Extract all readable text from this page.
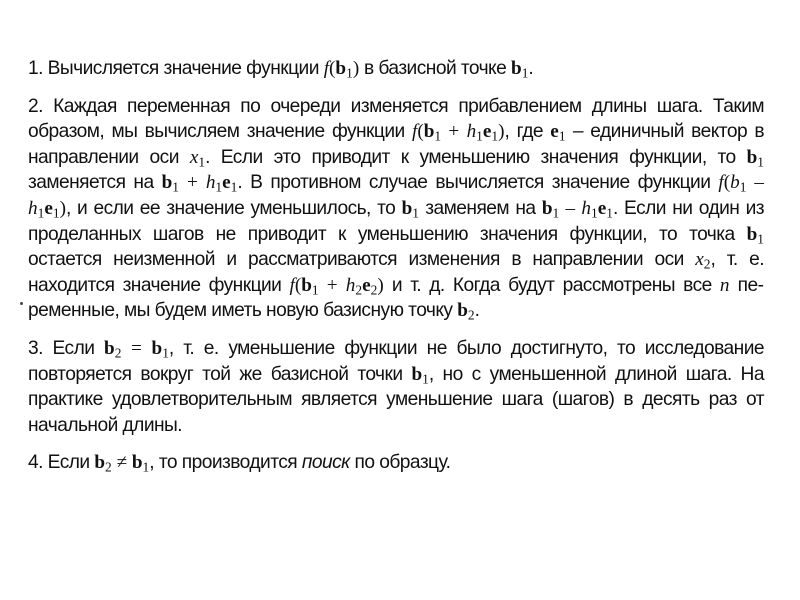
1. Вычисляется значение функции $f(b_1)$ в базисной точке $b_1$.

2. Каждая переменная по очереди изменяется прибавлением длины шага. Таким образом, мы вычисляем значение функции $f(b_1 + h_1e_1)$, где $e_1$ – единичный вектор в направлении оси $x_1$. Если это приводит к уменьшению значения функции, то $b_1$ заменяется на $b_1 + h_1e_1$. В противном случае вычисляется значение функции $f(b_1 - h_1e_1)$, и если ее значение уменьшилось, то $b_1$ заменяем на $b_1 - h_1e_1$. Если ни один из проделанных шагов не приводит к уменьшению значения функции, то точка $b_1$ остается неизменной и рассматриваются изменения в направлении оси $x_2$, т. е. находится значение функции $f(b_1 + h_2e_2)$ и т. д. Когда будут рассмотрены все n переменные, мы будем иметь новую базисную точку $b_2$.

3. Если $b_2 = b_1$, т. е. уменьшение функции не было достигнуто, то исследование повторяется вокруг той же базисной точки $b_1$, но с уменьшенной длиной шага. На практике удовлетворительным является уменьшение шага (шагов) в десять раз от начальной длины.

4. Если $b_2 \ne b_1$, то производится поиск по образцу.
